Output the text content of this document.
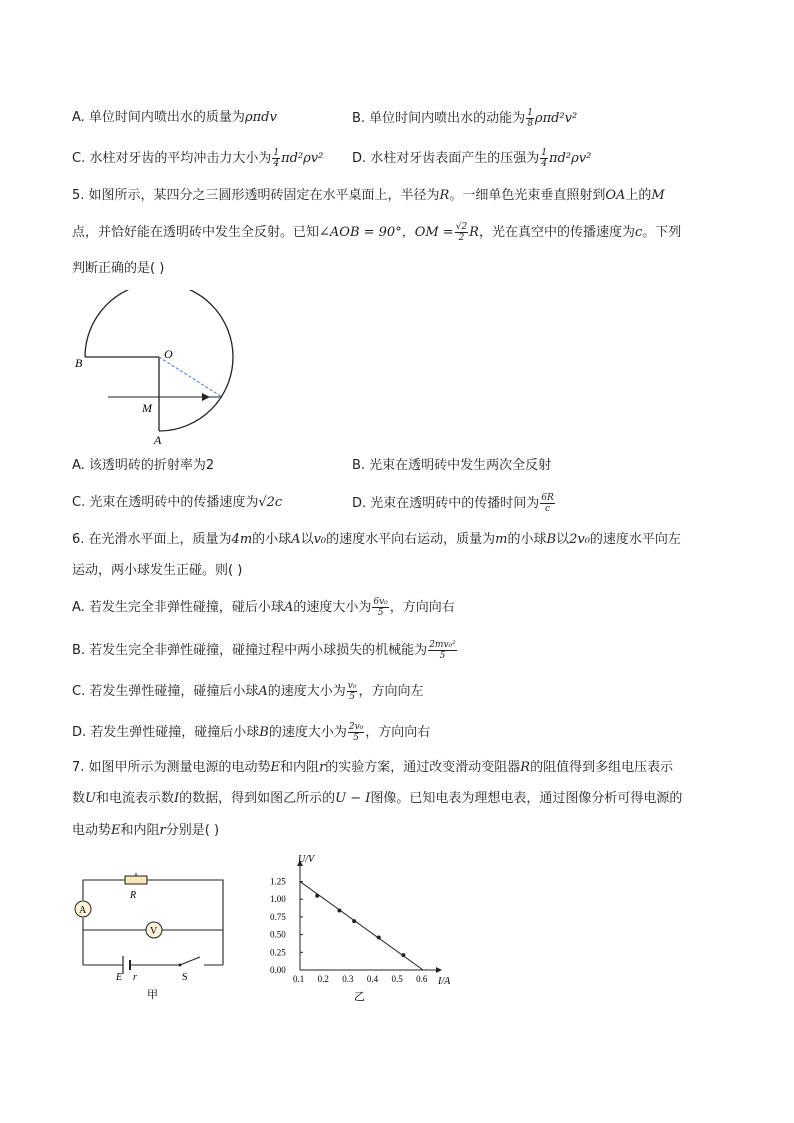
A. 单位时间内喷出水的质量为ρπdv	B. 单位时间内喷出水的动能为 $\frac{1}{8} \rho\pi d^2v^2$
C. 水柱对牙齿的平均冲击力大小为 $\frac{1}{4} \pi d^2\rho v^2$ D. 水柱对牙齿表面产生的压强为 $\frac{1}{4} \pi d^2\rho v^2$
5. 如图所示，某四分之三圆形透明砖固定在水平桌面上，半径为R。一细单色光束垂直照射到OA上的M
点，并恰好能在透明砖中发生全反射。已知∠AOB = 90°，OM = $\frac{√2}{2}$ R，光在真空中的传播速度为c。下列
判断正确的是( )
B
O
M
A
A. 该透明砖的折射率为2	B. 光束在透明砖中发生两次全反射
C. 光束在透明砖中的传播速度为√2c	D. 光束在透明砖中的传播时间为 $\frac{6R}{c}$
6. 在光滑水平面上，质量为4m的小球A以v₀的速度水平向右运动，质量为m的小球B以2v₀的速度水平向左
运动，两小球发生正碰。则( )
A. 若发生完全非弹性碰撞，碰后小球A的速度大小为 $\frac{\text{6v₀}}{5}$ ，方向向右
B. 若发生完全非弹性碰撞，碰撞过程中两小球损失的机械能为 $\frac{\text{2mv₀²}}{5}$
C. 若发生弹性碰撞，碰撞后小球A的速度大小为 $\frac{\text{v₀}}{5}$ ，方向向左
D. 若发生弹性碰撞，碰撞后小球B的速度大小为 $\frac{\text{2v₀}}{5}$ ，方向向右
7. 如图甲所示为测量电源的电动势E和内阻r的实验方案，通过改变滑动变阻器R的阻值得到多组电压表示
数U和电流表示数I的数据，得到如图乙所示的U − I图像。已知电表为理想电表，通过图像分析可得电源的
电动势E和内阻r分别是( )
A
V
R
E r	S
甲
0.1 0.2 0.3 0.4 0.5 0.6
0.00
0.25
0.50
0.75
1.00
1.25
U/V
I/A
乙
